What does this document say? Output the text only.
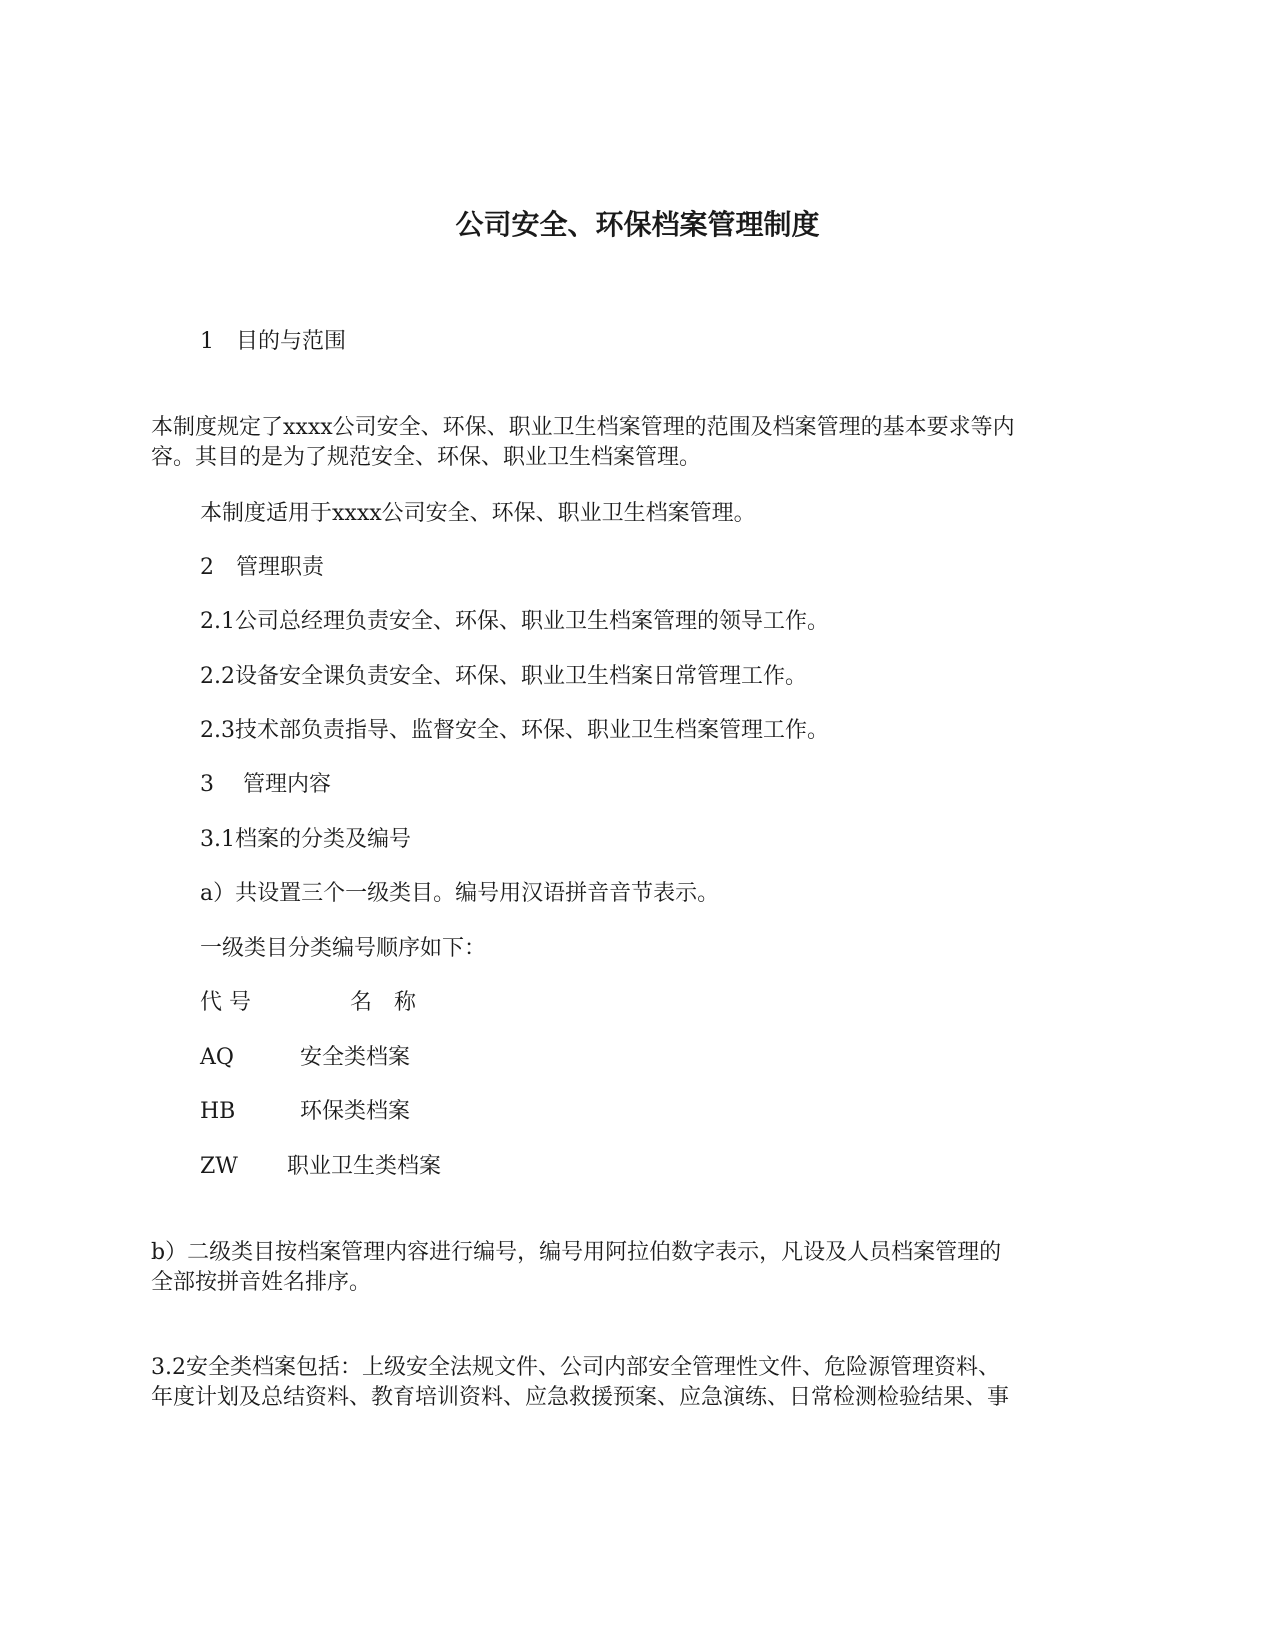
公司安全、环保档案管理制度
1　目的与范围
本制度规定了xxxx公司安全、环保、职业卫生档案管理的范围及档案管理的基本要求等内
容。其目的是为了规范安全、环保、职业卫生档案管理。
本制度适用于xxxx公司安全、环保、职业卫生档案管理。
2　管理职责
2.1公司总经理负责安全、环保、职业卫生档案管理的领导工作。
2.2设备安全课负责安全、环保、职业卫生档案日常管理工作。
2.3技术部负责指导、监督安全、环保、职业卫生档案管理工作。
3　 管理内容
3.1档案的分类及编号
a）共设置三个一级类目。编号用汉语拼音音节表示。
一级类目分类编号顺序如下：
代 号	名　称
AQ	安全类档案
HB	环保类档案
ZW 职业卫生类档案
b）二级类目按档案管理内容进行编号，编号用阿拉伯数字表示，凡设及人员档案管理的
全部按拼音姓名排序。
3.2安全类档案包括：上级安全法规文件、公司内部安全管理性文件、危险源管理资料、
年度计划及总结资料、教育培训资料、应急救援预案、应急演练、日常检测检验结果、事
